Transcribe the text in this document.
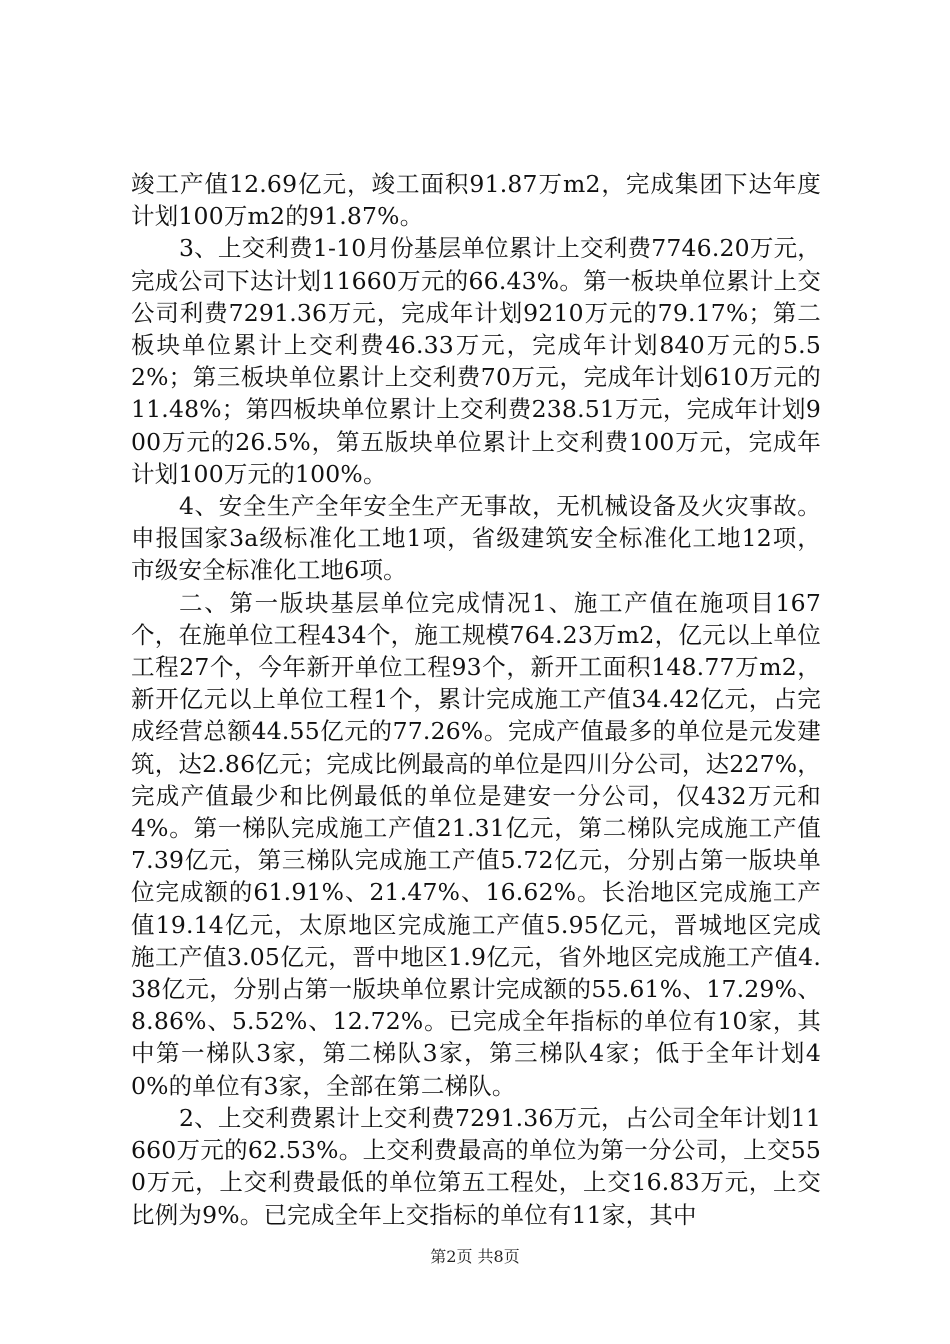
竣工产值12.69亿元，竣工面积91.87万m2，完成集团下达年度计划100万m2的91.87%。

3、上交利费1-10月份基层单位累计上交利费7746.20万元，完成公司下达计划11660万元的66.43%。第一板块单位累计上交公司利费7291.36万元，完成年计划9210万元的79.17%；第二板块单位累计上交利费46.33万元，完成年计划840万元的5.52%；第三板块单位累计上交利费70万元，完成年计划610万元的11.48%；第四板块单位累计上交利费238.51万元，完成年计划900万元的26.5%，第五版块单位累计上交利费100万元，完成年计划100万元的100%。

4、安全生产全年安全生产无事故，无机械设备及火灾事故。申报国家3a级标准化工地1项，省级建筑安全标准化工地12项，市级安全标准化工地6项。

二、第一版块基层单位完成情况1、施工产值在施项目167个，在施单位工程434个，施工规模764.23万m2，亿元以上单位工程27个，今年新开单位工程93个，新开工面积148.77万m2，新开亿元以上单位工程1个，累计完成施工产值34.42亿元，占完成经营总额44.55亿元的77.26%。完成产值最多的单位是元发建筑，达2.86亿元；完成比例最高的单位是四川分公司，达227%，完成产值最少和比例最低的单位是建安一分公司，仅432万元和4%。第一梯队完成施工产值21.31亿元，第二梯队完成施工产值7.39亿元，第三梯队完成施工产值5.72亿元，分别占第一版块单位完成额的61.91%、21.47%、16.62%。长治地区完成施工产值19.14亿元，太原地区完成施工产值5.95亿元，晋城地区完成施工产值3.05亿元，晋中地区1.9亿元，省外地区完成施工产值4.38亿元，分别占第一版块单位累计完成额的55.61%、17.29%、8.86%、5.52%、12.72%。已完成全年指标的单位有10家，其中第一梯队3家，第二梯队3家，第三梯队4家；低于全年计划40%的单位有3家，全部在第二梯队。

2、上交利费累计上交利费7291.36万元，占公司全年计划11660万元的62.53%。上交利费最高的单位为第一分公司，上交550万元，上交利费最低的单位第五工程处，上交16.83万元，上交比例为9%。已完成全年上交指标的单位有11家，其中

第2页 共8页
